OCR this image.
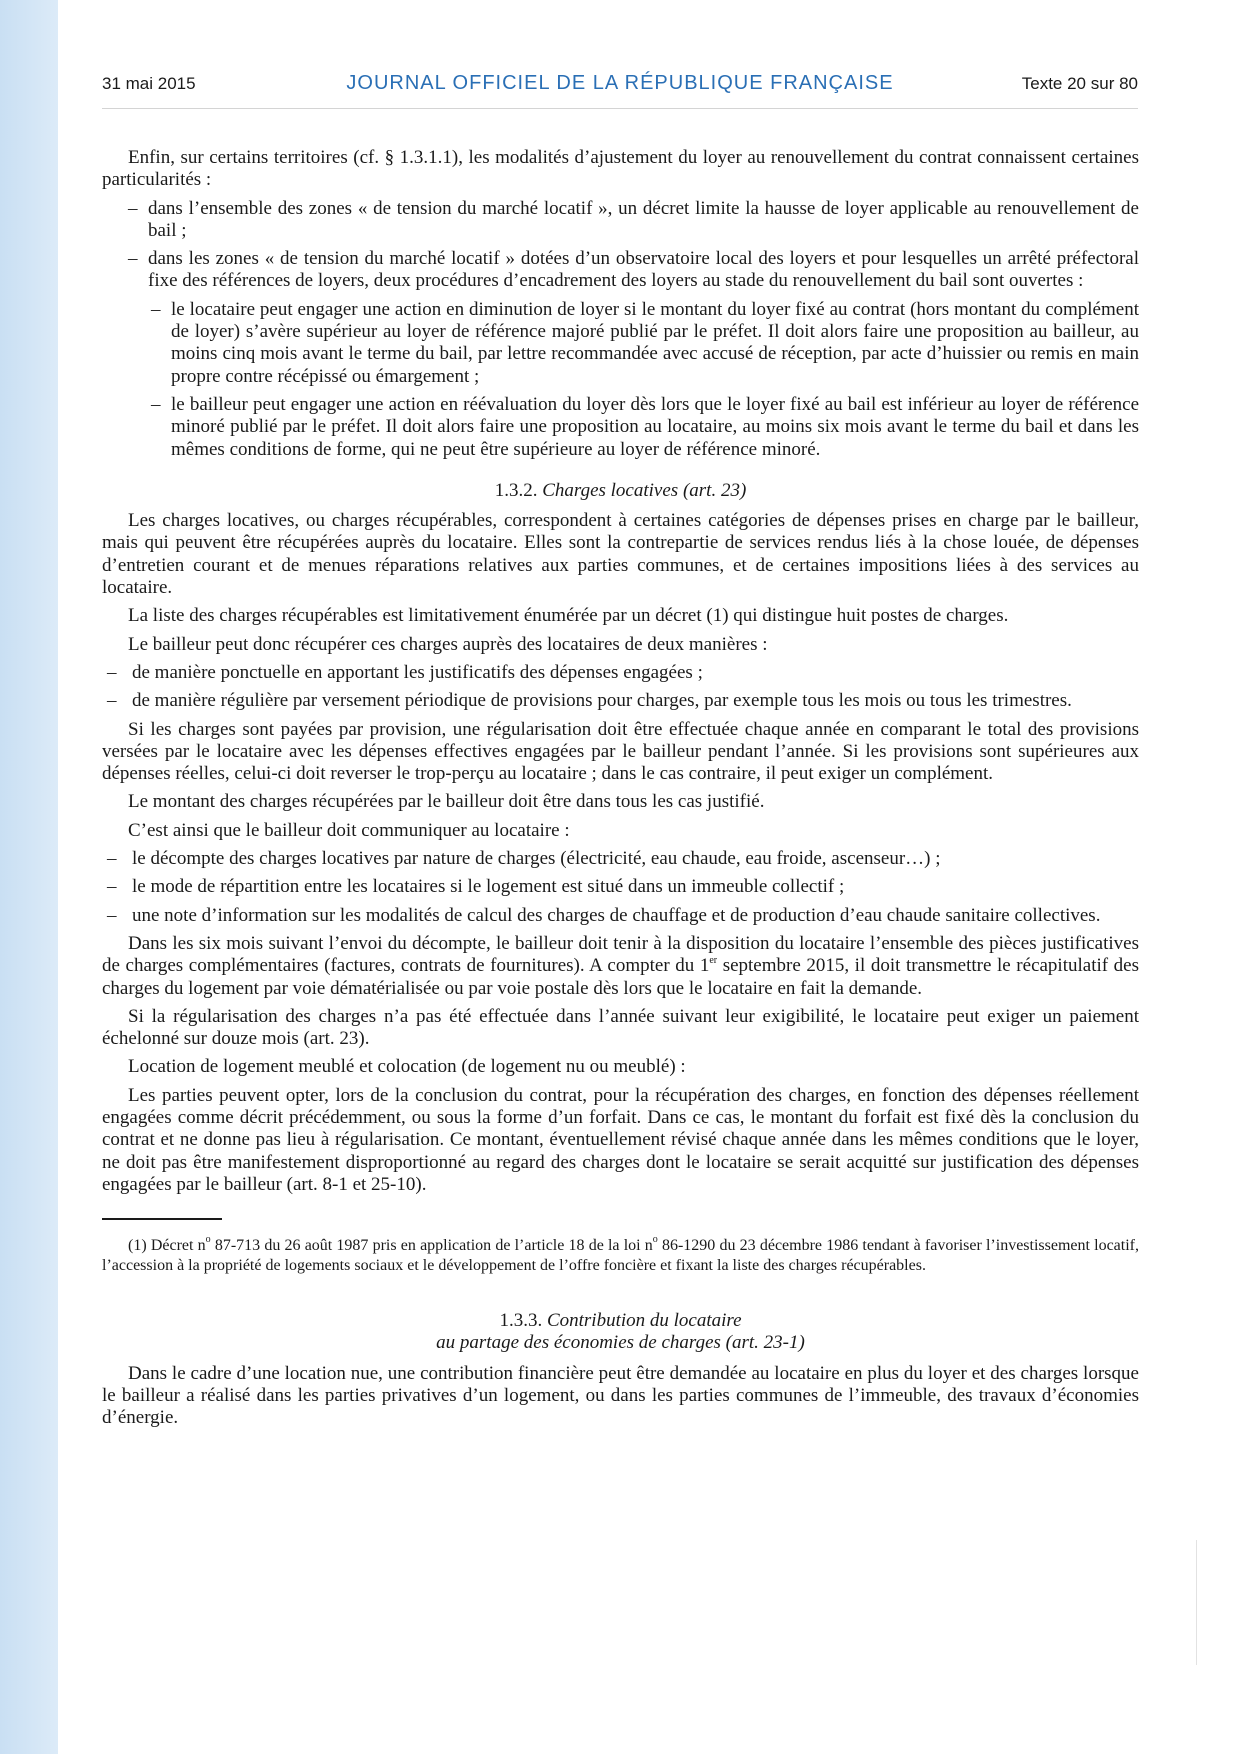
31 mai 2015	JOURNAL OFFICIEL DE LA RÉPUBLIQUE FRANÇAISE	Texte 20 sur 80

Enfin, sur certains territoires (cf. § 1.3.1.1), les modalités d’ajustement du loyer au renouvellement du contrat connaissent certaines particularités :

– dans l’ensemble des zones « de tension du marché locatif », un décret limite la hausse de loyer applicable au renouvellement de bail ;
– dans les zones « de tension du marché locatif » dotées d’un observatoire local des loyers et pour lesquelles un arrêté préfectoral fixe des références de loyers, deux procédures d’encadrement des loyers au stade du renouvellement du bail sont ouvertes :
– le locataire peut engager une action en diminution de loyer si le montant du loyer fixé au contrat (hors montant du complément de loyer) s’avère supérieur au loyer de référence majoré publié par le préfet. Il doit alors faire une proposition au bailleur, au moins cinq mois avant le terme du bail, par lettre recommandée avec accusé de réception, par acte d’huissier ou remis en main propre contre récépissé ou émargement ;
– le bailleur peut engager une action en réévaluation du loyer dès lors que le loyer fixé au bail est inférieur au loyer de référence minoré publié par le préfet. Il doit alors faire une proposition au locataire, au moins six mois avant le terme du bail et dans les mêmes conditions de forme, qui ne peut être supérieure au loyer de référence minoré.
1.3.2. Charges locatives (art. 23)

Les charges locatives, ou charges récupérables, correspondent à certaines catégories de dépenses prises en charge par le bailleur, mais qui peuvent être récupérées auprès du locataire. Elles sont la contrepartie de services rendus liés à la chose louée, de dépenses d’entretien courant et de menues réparations relatives aux parties communes, et de certaines impositions liées à des services au locataire.

La liste des charges récupérables est limitativement énumérée par un décret (1) qui distingue huit postes de charges.

Le bailleur peut donc récupérer ces charges auprès des locataires de deux manières :

– de manière ponctuelle en apportant les justificatifs des dépenses engagées ;
– de manière régulière par versement périodique de provisions pour charges, par exemple tous les mois ou tous les trimestres.

Si les charges sont payées par provision, une régularisation doit être effectuée chaque année en comparant le total des provisions versées par le locataire avec les dépenses effectives engagées par le bailleur pendant l’année. Si les provisions sont supérieures aux dépenses réelles, celui-ci doit reverser le trop-perçu au locataire ; dans le cas contraire, il peut exiger un complément.

Le montant des charges récupérées par le bailleur doit être dans tous les cas justifié.

C’est ainsi que le bailleur doit communiquer au locataire :

– le décompte des charges locatives par nature de charges (électricité, eau chaude, eau froide, ascenseur…) ;
– le mode de répartition entre les locataires si le logement est situé dans un immeuble collectif ;
– une note d’information sur les modalités de calcul des charges de chauffage et de production d’eau chaude sanitaire collectives.

Dans les six mois suivant l’envoi du décompte, le bailleur doit tenir à la disposition du locataire l’ensemble des pièces justificatives de charges complémentaires (factures, contrats de fournitures). A compter du 1er septembre 2015, il doit transmettre le récapitulatif des charges du logement par voie dématérialisée ou par voie postale dès lors que le locataire en fait la demande.

Si la régularisation des charges n’a pas été effectuée dans l’année suivant leur exigibilité, le locataire peut exiger un paiement échelonné sur douze mois (art. 23).

Location de logement meublé et colocation (de logement nu ou meublé) :

Les parties peuvent opter, lors de la conclusion du contrat, pour la récupération des charges, en fonction des dépenses réellement engagées comme décrit précédemment, ou sous la forme d’un forfait. Dans ce cas, le montant du forfait est fixé dès la conclusion du contrat et ne donne pas lieu à régularisation. Ce montant, éventuellement révisé chaque année dans les mêmes conditions que le loyer, ne doit pas être manifestement disproportionné au regard des charges dont le locataire se serait acquitté sur justification des dépenses engagées par le bailleur (art. 8-1 et 25-10).

(1) Décret $n^o$ 87-713 du 26 août 1987 pris en application de l’article 18 de la loi $n^o$ 86-1290 du 23 décembre 1986 tendant à favoriser l’investissement locatif, l’accession à la propriété de logements sociaux et le développement de l’offre foncière et fixant la liste des charges récupérables.

1.3.3. Contribution du locataire
au partage des économies de charges (art. 23-1)

Dans le cadre d’une location nue, une contribution financière peut être demandée au locataire en plus du loyer et des charges lorsque le bailleur a réalisé dans les parties privatives d’un logement, ou dans les parties communes de l’immeuble, des travaux d’économies d’énergie.
